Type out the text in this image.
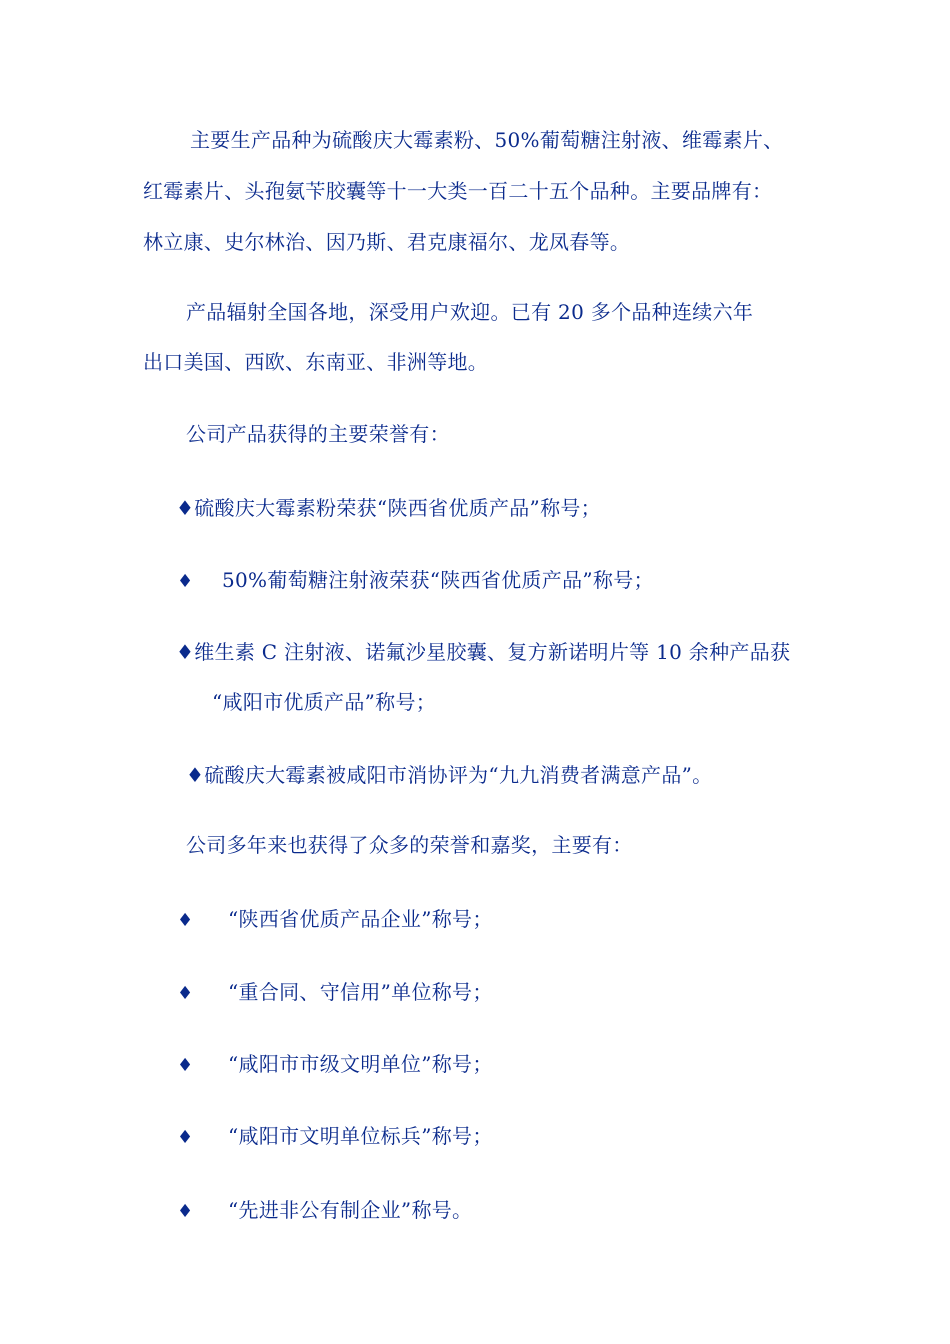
主要生产品种为硫酸庆大霉素粉、50%葡萄糖注射液、维霉素片、
红霉素片、头孢氨苄胶囊等十一大类一百二十五个品种。主要品牌有：
林立康、史尔林治、因乃斯、君克康福尔、龙凤春等。
产品辐射全国各地，深受用户欢迎。已有 20 多个品种连续六年
出口美国、西欧、东南亚、非洲等地。
公司产品获得的主要荣誉有：
♦硫酸庆大霉素粉荣获“陕西省优质产品”称号；
♦ 50%葡萄糖注射液荣获“陕西省优质产品”称号；
♦维生素 C 注射液、诺氟沙星胶囊、复方新诺明片等 10 余种产品获
“咸阳市优质产品”称号；
♦硫酸庆大霉素被咸阳市消协评为“九九消费者满意产品”。
公司多年来也获得了众多的荣誉和嘉奖，主要有：
♦ “陕西省优质产品企业”称号；
♦ “重合同、守信用”单位称号；
♦ “咸阳市市级文明单位”称号；
♦ “咸阳市文明单位标兵”称号；
♦ “先进非公有制企业”称号。
